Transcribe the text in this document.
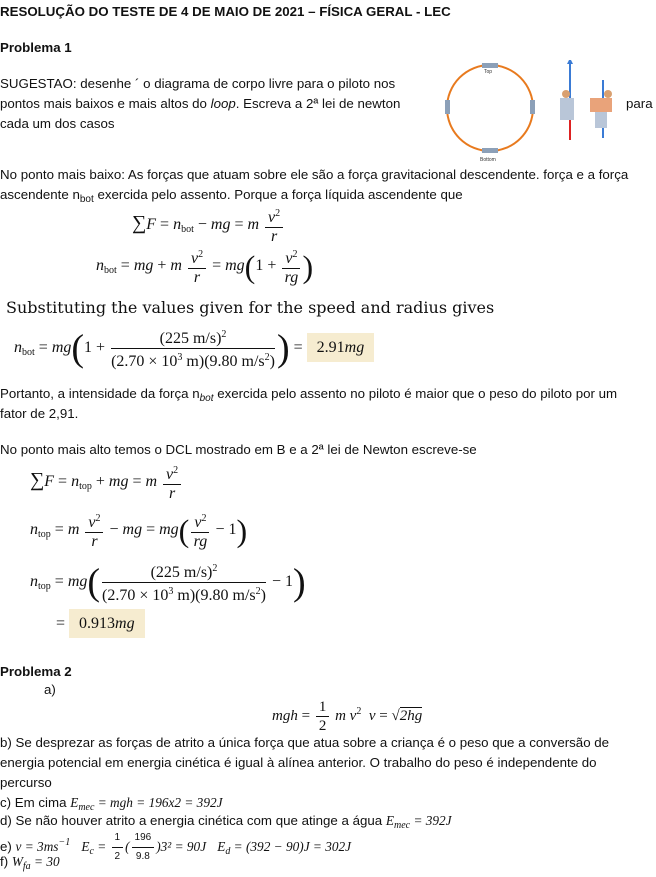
RESOLUÇÃO DO TESTE DE 4 DE MAIO DE 2021 – FÍSICA GERAL - LEC
Problema 1
SUGESTAO: desenhe ´ o diagrama de corpo livre para o piloto nos
pontos mais baixos e mais altos do loop. Escreva a 2ª lei de newton	para
cada um dos casos
Top
Bottom
No ponto mais baixo: As forças que atuam sobre ele são a força gravitacional descendente. força e a força
ascendente $n_{bot}$ exercida pelo assento. Porque a força líquida ascendente que
$\sum F = n_{bot}$ − mg = m $\frac{v^2}{r}$
$n_{bot}$ = mg + m $\frac{v^2}{r} = mg(1 + \frac{v^2}{rg}$ )
Substituting the values given for the speed and radius gives
$n_{bot} = mg(1 + \frac{(225 m/s)^2}{(2.70 \times 10^3 m)(9.80 m/s^2)}$ ) = 2.91mg
Portanto, a intensidade da força $n_{bot}$ exercida pelo assento no piloto é maior que o peso do piloto por um
fator de 2,91.
No ponto mais alto temos o DCL mostrado em B e a 2ª lei de Newton escreve-se
$\sum F = n_{top}$ + mg = m $\frac{v^2}{r}$
$n_{top} = m \frac{v^2}{r}$ − mg = $mg( \frac{v^2}{rg} - 1)$
$n_{top} = mg( \frac{(225 m/s)^2}{(2.70 \times 10^3 m)(9.80 m/s^2)} - 1)$
= 0.913mg
Problema 2
a)
mgh = $\frac{1}{2}$ m $v^2$ v = √2hg
b) Se desprezar as forças de atrito a única força que atua sobre a criança é o peso que a conversão de
energia potencial em energia cinética é igual à alínea anterior. O trabalho do peso é independente do
percurso
c) Em cima $E_{mec}$ = mgh = 196x2 = 392J
d) Se não houver atrito a energia cinética com que atinge a água $E_{mec} = 392J$
e) $v = 3ms^{-1}$ $E_c = \frac{1}{2}$ ( $\frac{196}{9.8} )3^2 = 90J$ $E_d = (392 - 90)J = 302J$
f) $W_{fa} = 30$
